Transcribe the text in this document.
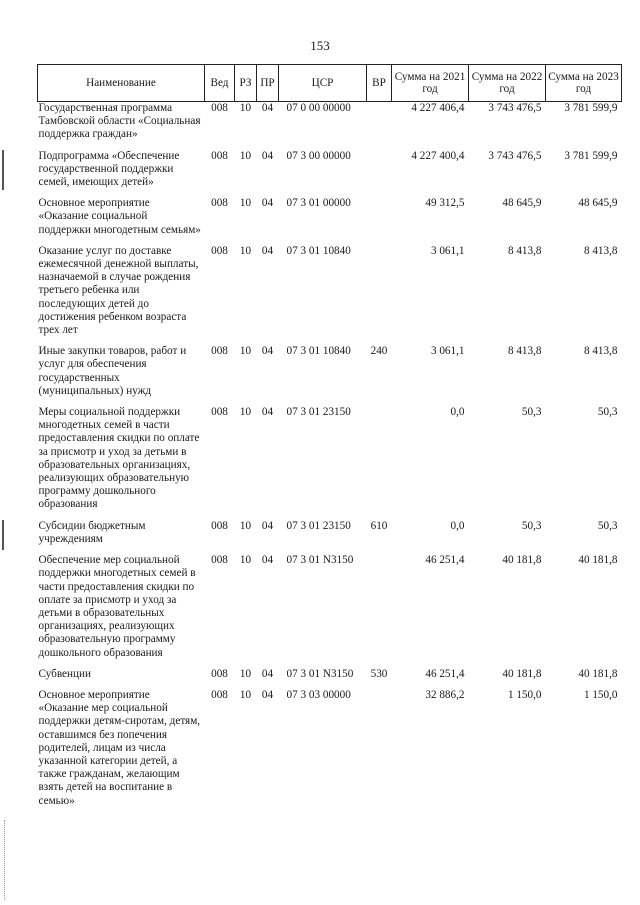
153
Наименование	Вед	РЗ	ПР	ЦСР	ВР	Сумма на 2021 год	Сумма на 2022 год	Сумма на 2023 год
Государственная программа Тамбовской области «Социальная поддержка граждан»	008	10	04	07 0 00 00000		4 227 406,4	3 743 476,5	3 781 599,9

Подпрограмма «Обеспечение государственной поддержки семей, имеющих детей»	008	10	04	07 3 00 00000		4 227 400,4	3 743 476,5	3 781 599,9

Основное мероприятие «Оказание социальной поддержки многодетным семьям»	008	10	04	07 3 01 00000		49 312,5	48 645,9	48 645,9

Оказание услуг по доставке ежемесячной денежной выплаты, назначаемой в случае рождения третьего ребенка или последующих детей до достижения ребенком возраста трех лет	008	10	04	07 3 01 10840		3 061,1	8 413,8	8 413,8

Иные закупки товаров, работ и услуг для обеспечения государственных (муниципальных) нужд	008	10	04	07 3 01 10840	240	3 061,1	8 413,8	8 413,8

Меры социальной поддержки многодетных семей в части предоставления скидки по оплате за присмотр и уход за детьми в образовательных организациях, реализующих образовательную программу дошкольного образования	008	10	04	07 3 01 23150		0,0	50,3	50,3

Субсидии бюджетным учреждениям	008	10	04	07 3 01 23150	610	0,0	50,3	50,3

Обеспечение мер социальной поддержки многодетных семей в части предоставления скидки по оплате за присмотр и уход за детьми в образовательных организациях, реализующих образовательную программу дошкольного образования	008	10	04	07 3 01 N3150		46 251,4	40 181,8	40 181,8

Субвенции	008	10	04	07 3 01 N3150	530	46 251,4	40 181,8	40 181,8

Основное мероприятие «Оказание мер социальной поддержки детям-сиротам, детям, оставшимся без попечения родителей, лицам из числа указанной категории детей, а также гражданам, желающим взять детей на воспитание в семью»	008	10	04	07 3 03 00000		32 886,2	1 150,0	1 150,0
